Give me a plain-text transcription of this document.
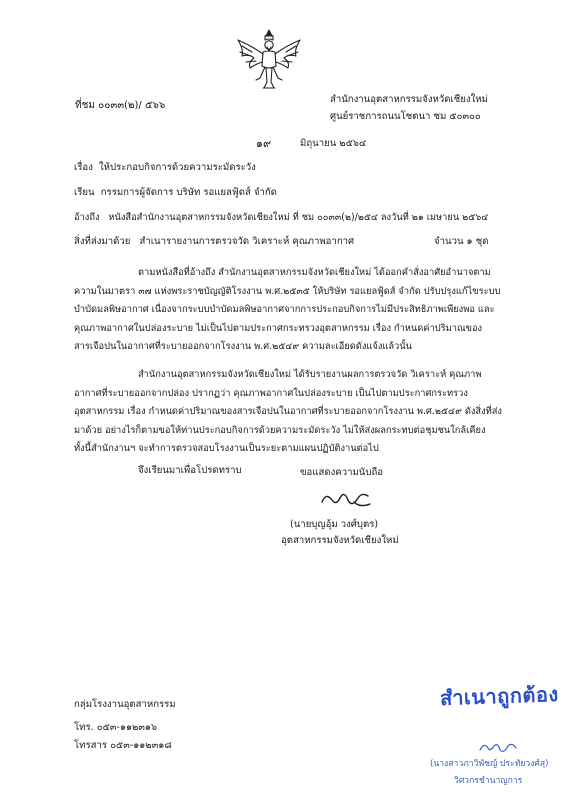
ที่ชม ๐๐๓๓(๒)/ ๕๖๖
สำนักงานอุตสาหกรรมจังหวัดเชียงใหม่
ศูนย์ราชการถนนโชตนา ชม ๕๐๓๐๐
๑๙	มิถุนายน ๒๕๖๔
เรื่อง ให้ประกอบกิจการด้วยความระมัดระวัง
เรียน กรรมการผู้จัดการ บริษัท รอแยลฟู้ดส์ จำกัด
อ้างถึง หนังสือสำนักงานอุตสาหกรรมจังหวัดเชียงใหม่ ที่ ชม ๐๐๓๓(๒)/๒๕๔ ลงวันที่ ๒๑ เมษายน ๒๕๖๔
สิ่งที่ส่งมาด้วย สำเนารายงานการตรวจวัด วิเคราะห์ คุณภาพอากาศ	จำนวน ๑ ชุด

ตามหนังสือที่อ้างถึง สำนักงานอุตสาหกรรมจังหวัดเชียงใหม่ ได้ออกคำสั่งอาศัยอำนาจตาม

ความในมาตรา ๓๗ แห่งพระราชบัญญัติโรงงาน พ.ศ.๒๕๓๕ ให้บริษัท รอแยลฟู้ดส์ จำกัด ปรับปรุงแก้ไขระบบ

บำบัดมลพิษอากาศ เนื่องจากระบบบำบัดมลพิษอากาศจากการประกอบกิจการไม่มีประสิทธิภาพเพียงพอ และ

คุณภาพอากาศในปล่องระบาย ไม่เป็นไปตามประกาศกระทรวงอุตสาหกรรม เรื่อง กำหนดค่าปริมาณของ

สารเจือปนในอากาศที่ระบายออกจากโรงงาน พ.ศ.๒๕๔๙ ความละเอียดดังแจ้งแล้วนั้น

สำนักงานอุตสาหกรรมจังหวัดเชียงใหม่ ได้รับรายงานผลการตรวจวัด วิเคราะห์ คุณภาพ

อากาศที่ระบายออกจากปล่อง ปรากฏว่า คุณภาพอากาศในปล่องระบาย เป็นไปตามประกาศกระทรวง

อุตสาหกรรม เรื่อง กำหนดค่าปริมาณของสารเจือปนในอากาศที่ระบายออกจากโรงงาน พ.ศ.๒๕๔๙ ดังสิ่งที่ส่ง

มาด้วย อย่างไรก็ตามขอให้ท่านประกอบกิจการด้วยความระมัดระวัง ไม่ให้ส่งผลกระทบต่อชุมชนใกล้เคียง

ทั้งนี้สำนักงานฯ จะทำการตรวจสอบโรงงานเป็นระยะตามแผนปฏิบัติงานต่อไป

จึงเรียนมาเพื่อโปรดทราบ	ขอแสดงความนับถือ
(นายบุญอุ้ม วงศ์บุตร)
อุตสาหกรรมจังหวัดเชียงใหม่
กลุ่มโรงงานอุตสาหกรรม
โทร. ๐๕๓-๑๑๒๓๑๖
โทรสาร ๐๕๓-๑๑๒๓๑๘
สำเนาถูกต้อง
(นางสาวภาวิพัชญ์ ประทัยวงศ์สุ)
วิศวกรชำนาญการ
